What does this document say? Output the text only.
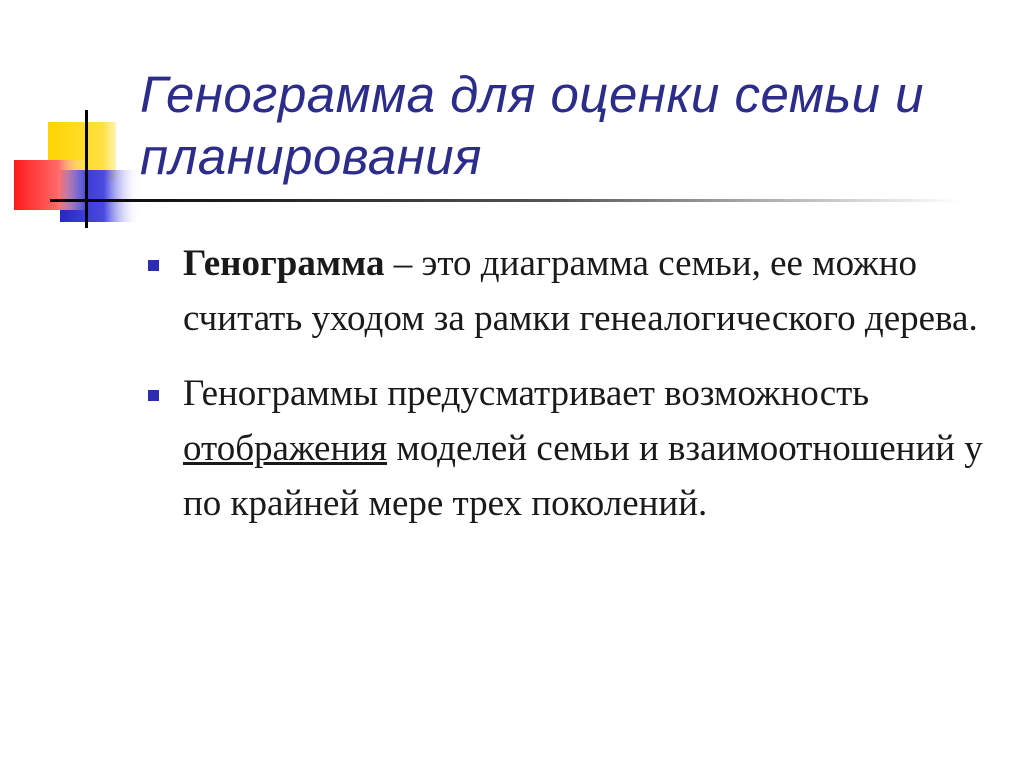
Генограмма для оценки семьи и планирования
Генограмма – это диаграмма семьи, ее можно считать уходом за рамки генеалогического дерева.
Генограммы предусматривает возможность отображения моделей семьи и взаимоотношений у по крайней мере трех поколений.
